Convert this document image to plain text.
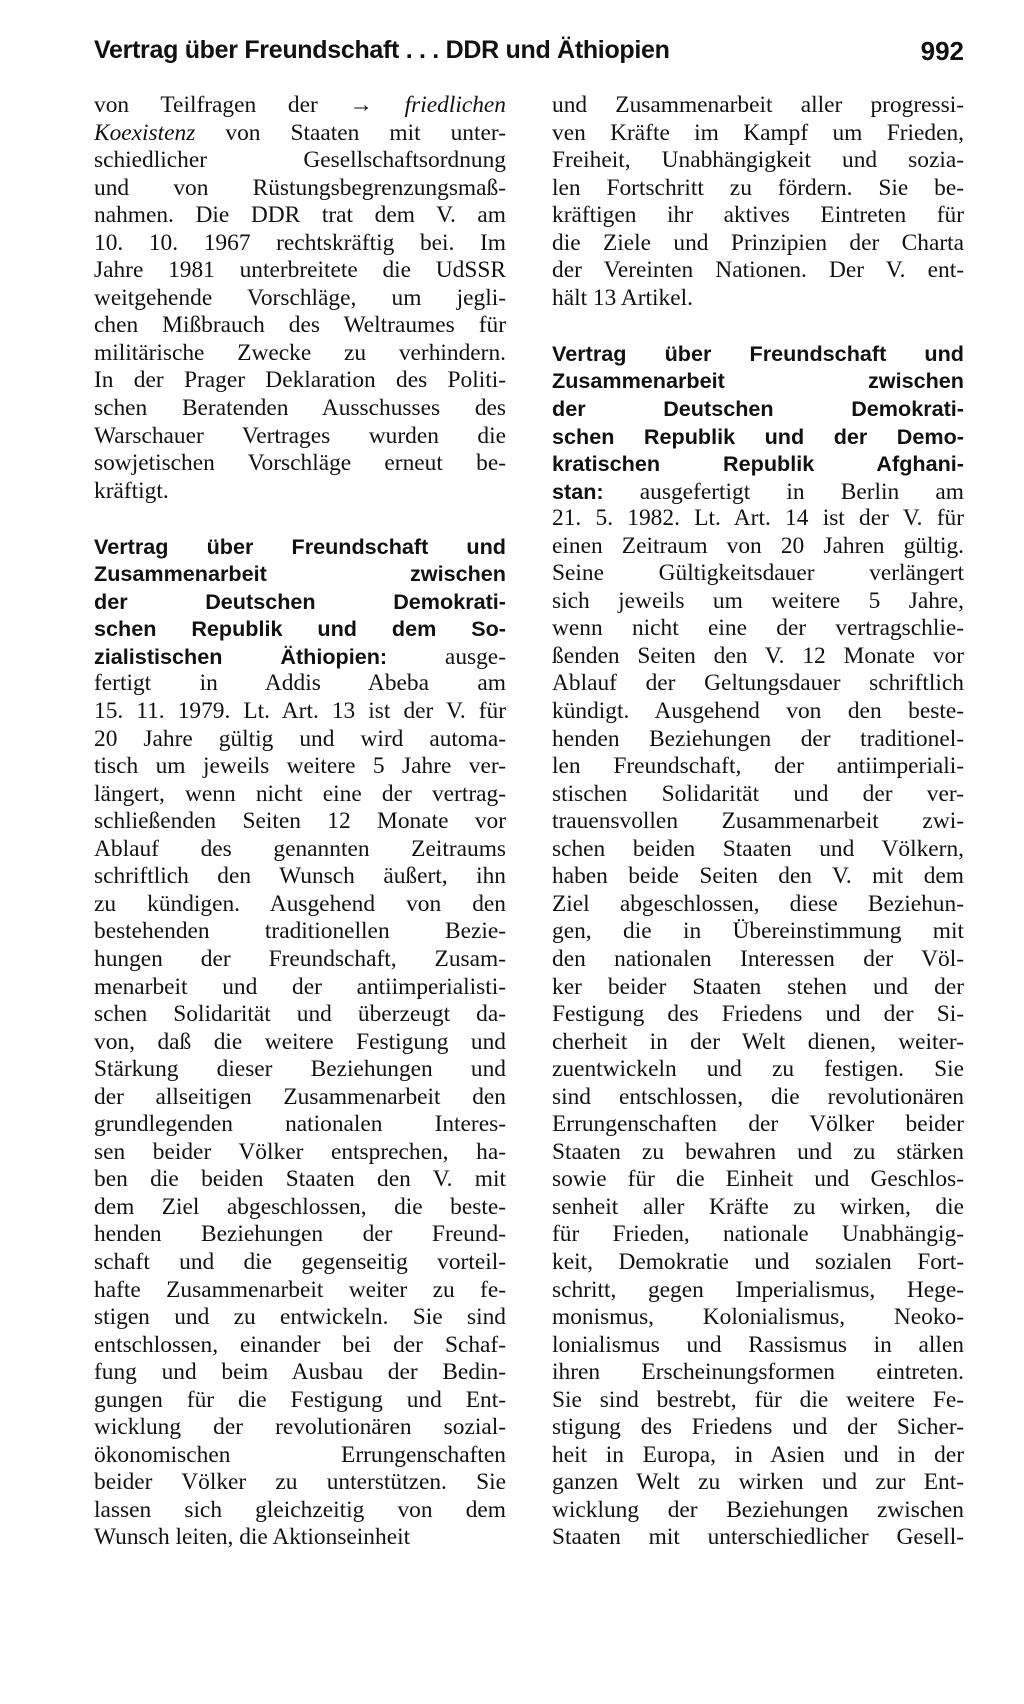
Vertrag über Freundschaft . . . DDR und Äthiopien	992
von Teilfragen der → friedlichen
Koexistenz von Staaten mit unter-
schiedlicher Gesellschaftsordnung
und von Rüstungsbegrenzungsmaß-
nahmen. Die DDR trat dem V. am
10. 10. 1967 rechtskräftig bei. Im
Jahre 1981 unterbreitete die UdSSR
weitgehende Vorschläge, um jegli-
chen Mißbrauch des Weltraumes für
militärische Zwecke zu verhindern.
In der Prager Deklaration des Politi-
schen Beratenden Ausschusses des
Warschauer Vertrages wurden die
sowjetischen Vorschläge erneut be-
kräftigt.
Vertrag über Freundschaft und
Zusammenarbeit zwischen
der Deutschen Demokrati-
schen Republik und dem So-
zialistischen Äthiopien: ausge-
fertigt in Addis Abeba am
15. 11. 1979. Lt. Art. 13 ist der V. für
20 Jahre gültig und wird automa-
tisch um jeweils weitere 5 Jahre ver-
längert, wenn nicht eine der vertrag-
schließenden Seiten 12 Monate vor
Ablauf des genannten Zeitraums
schriftlich den Wunsch äußert, ihn
zu kündigen. Ausgehend von den
bestehenden traditionellen Bezie-
hungen der Freundschaft, Zusam-
menarbeit und der antiimperialisti-
schen Solidarität und überzeugt da-
von, daß die weitere Festigung und
Stärkung dieser Beziehungen und
der allseitigen Zusammenarbeit den
grundlegenden nationalen Interes-
sen beider Völker entsprechen, ha-
ben die beiden Staaten den V. mit
dem Ziel abgeschlossen, die beste-
henden Beziehungen der Freund-
schaft und die gegenseitig vorteil-
hafte Zusammenarbeit weiter zu fe-
stigen und zu entwickeln. Sie sind
entschlossen, einander bei der Schaf-
fung und beim Ausbau der Bedin-
gungen für die Festigung und Ent-
wicklung der revolutionären sozial-
ökonomischen Errungenschaften
beider Völker zu unterstützen. Sie
lassen sich gleichzeitig von dem
Wunsch leiten, die Aktionseinheit
und Zusammenarbeit aller progressi-
ven Kräfte im Kampf um Frieden,
Freiheit, Unabhängigkeit und sozia-
len Fortschritt zu fördern. Sie be-
kräftigen ihr aktives Eintreten für
die Ziele und Prinzipien der Charta
der Vereinten Nationen. Der V. ent-
hält 13 Artikel.
Vertrag über Freundschaft und
Zusammenarbeit zwischen
der Deutschen Demokrati-
schen Republik und der Demo-
kratischen Republik Afghani-
stan: ausgefertigt in Berlin am
21. 5. 1982. Lt. Art. 14 ist der V. für
einen Zeitraum von 20 Jahren gültig.
Seine Gültigkeitsdauer verlängert
sich jeweils um weitere 5 Jahre,
wenn nicht eine der vertragschlie-
ßenden Seiten den V. 12 Monate vor
Ablauf der Geltungsdauer schriftlich
kündigt. Ausgehend von den beste-
henden Beziehungen der traditionel-
len Freundschaft, der antiimperiali-
stischen Solidarität und der ver-
trauensvollen Zusammenarbeit zwi-
schen beiden Staaten und Völkern,
haben beide Seiten den V. mit dem
Ziel abgeschlossen, diese Beziehun-
gen, die in Übereinstimmung mit
den nationalen Interessen der Völ-
ker beider Staaten stehen und der
Festigung des Friedens und der Si-
cherheit in der Welt dienen, weiter-
zuentwickeln und zu festigen. Sie
sind entschlossen, die revolutionären
Errungenschaften der Völker beider
Staaten zu bewahren und zu stärken
sowie für die Einheit und Geschlos-
senheit aller Kräfte zu wirken, die
für Frieden, nationale Unabhängig-
keit, Demokratie und sozialen Fort-
schritt, gegen Imperialismus, Hege-
monismus, Kolonialismus, Neoko-
lonialismus und Rassismus in allen
ihren Erscheinungsformen eintreten.
Sie sind bestrebt, für die weitere Fe-
stigung des Friedens und der Sicher-
heit in Europa, in Asien und in der
ganzen Welt zu wirken und zur Ent-
wicklung der Beziehungen zwischen
Staaten mit unterschiedlicher Gesell-
